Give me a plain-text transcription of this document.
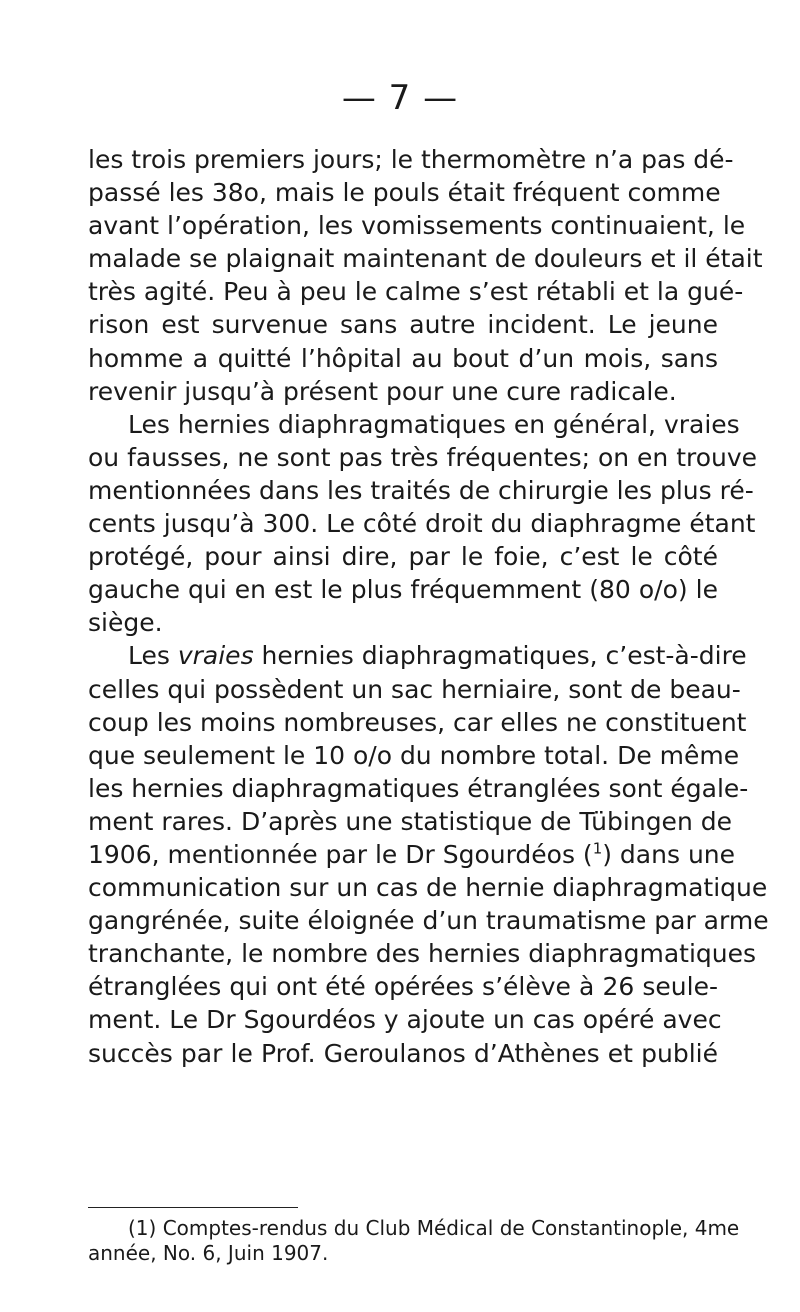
— 7 —
les trois premiers jours; le thermomètre n’a pas dé-
passé les 38o, mais le pouls était fréquent comme
avant l’opération, les vomissements continuaient, le
malade se plaignait maintenant de douleurs et il était
très agité. Peu à peu le calme s’est rétabli et la gué-
rison est survenue sans autre incident. Le jeune
homme a quitté l’hôpital au bout d’un mois, sans
revenir jusqu’à présent pour une cure radicale.
Les hernies diaphragmatiques en général, vraies
ou fausses, ne sont pas très fréquentes; on en trouve
mentionnées dans les traités de chirurgie les plus ré-
cents jusqu’à 300. Le côté droit du diaphragme étant
protégé, pour ainsi dire, par le foie, c’est le côté
gauche qui en est le plus fréquemment (80 o/o) le
siège.
Les vraies hernies diaphragmatiques, c’est-à-dire
celles qui possèdent un sac herniaire, sont de beau-
coup les moins nombreuses, car elles ne constituent
que seulement le 10 o/o du nombre total. De même
les hernies diaphragmatiques étranglées sont égale-
ment rares. D’après une statistique de Tübingen de
1906, mentionnée par le Dr Sgourdéos ($^1$) dans une
communication sur un cas de hernie diaphragmatique
gangrénée, suite éloignée d’un traumatisme par arme
tranchante, le nombre des hernies diaphragmatiques
étranglées qui ont été opérées s’élève à 26 seule-
ment. Le Dr Sgourdéos y ajoute un cas opéré avec
succès par le Prof. Geroulanos d’Athènes et publié
(1) Comptes-rendus du Club Médical de Constantinople, 4me
année, No. 6, Juin 1907.
